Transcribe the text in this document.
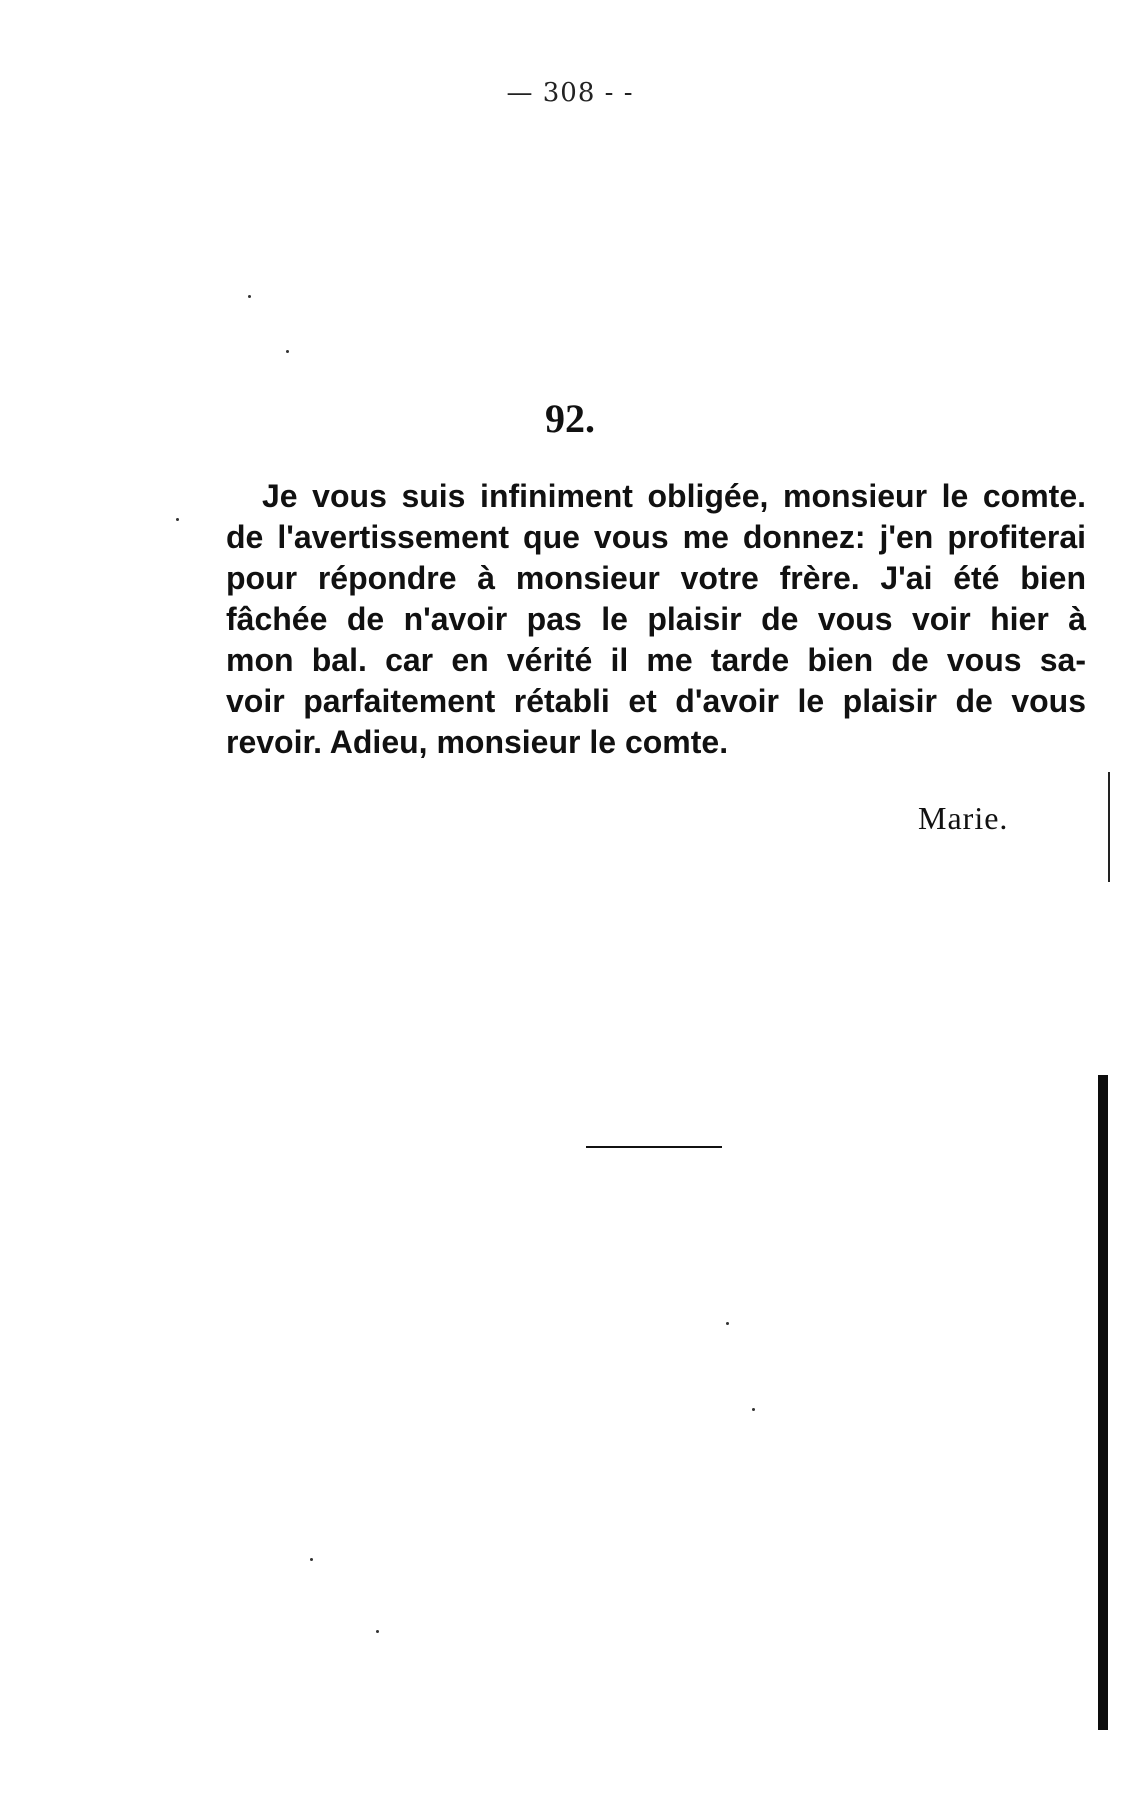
— 308 - -
92.
Je vous suis infiniment obligée, monsieur le comte.
de l'avertissement que vous me donnez: j'en profiterai
pour répondre à monsieur votre frère. J'ai été bien
fâchée de n'avoir pas le plaisir de vous voir hier à
mon bal. car en vérité il me tarde bien de vous sa-
voir parfaitement rétabli et d'avoir le plaisir de vous
revoir. Adieu, monsieur le comte.
Marie.
